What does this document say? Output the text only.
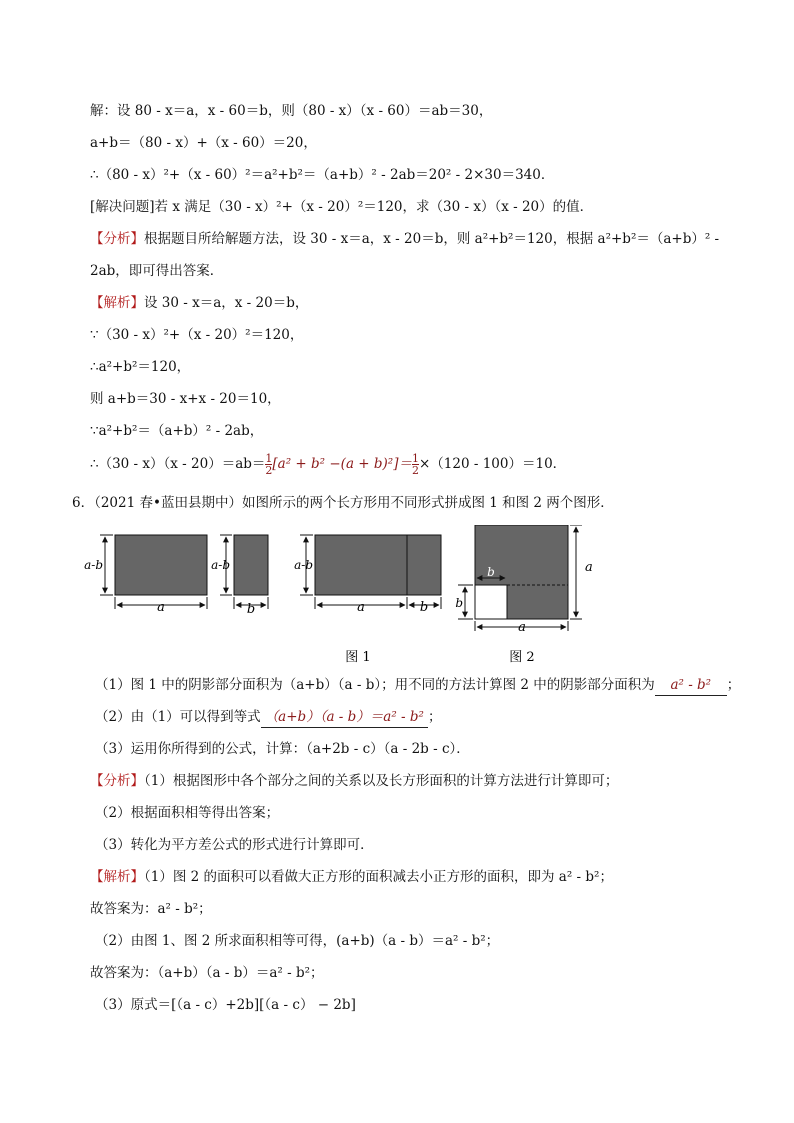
解：设 80 - x＝a，x - 60＝b，则（80 - x）（x - 60）＝ab＝30，
a+b＝（80 - x）+（x - 60）＝20，
∴（80 - x）²+（x - 60）²＝a²+b²＝（a+b）² - 2ab＝20² - 2×30＝340．
[解决问题]若 x 满足（30 - x）²+（x - 20）²＝120，求（30 - x）（x - 20）的值．
【分析】根据题目所给解题方法，设 30 - x＝a，x - 20＝b，则 a²+b²＝120，根据 a²+b²＝（a+b）² -
2ab，即可得出答案．
【解析】设 30 - x＝a，x - 20＝b，
∵（30 - x）²+（x - 20）²＝120，
∴a²+b²＝120，
则 a+b＝30 - x+x - 20＝10，
∵a²+b²＝（a+b）² - 2ab，
∴（30 - $x)(x - 20)=ab= \frac{1}{2} [a^2 + b^2 -(a + b)^2]= \frac{1}{2} \times(120 - 100)=10$．
6．（2021 春•蓝田县期中）如图所示的两个长方形用不同形式拼成图 1 和图 2 两个图形．
a-b
a
a-b
b
a-b
a	b
a
b
b
a
图 1	图 2
（1）图 1 中的阴影部分面积为（a+b）（a - b）；用不同的方法计算图 2 中的阴影部分面积为 a² - b² ；
（2）由（1）可以得到等式 （a+b）（a - b）＝a² - b² ；
（3）运用你所得到的公式，计算：（a+2b - c）（a - 2b - c）．
【分析】（1）根据图形中各个部分之间的关系以及长方形面积的计算方法进行计算即可；
（2）根据面积相等得出答案；
（3）转化为平方差公式的形式进行计算即可．
【解析】（1）图 2 的面积可以看做大正方形的面积减去小正方形的面积，即为 a² - b²；
故答案为：a² - b²；
（2）由图 1、图 2 所求面积相等可得，(a+b)（a - b）＝a² - b²；
故答案为：（a+b）（a - b）＝a² - b²；
（3）原式＝[（a - c）+2b][（a - c） − 2b]
